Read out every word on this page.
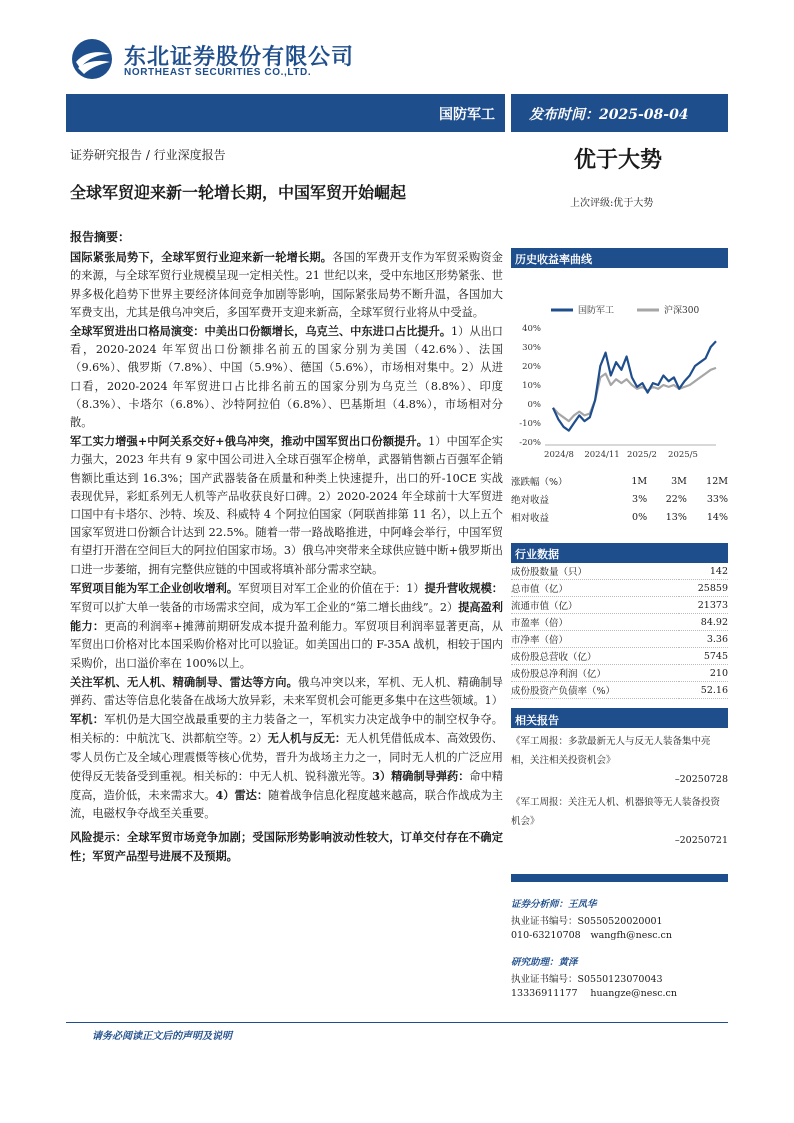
东北证券股份有限公司
NORTHEAST SECURITIES CO.,LTD.
国防军工 发布时间：2025-08-04
证券研究报告 / 行业深度报告	优于大势
全球军贸迎来新一轮增长期，中国军贸开始崛起
上次评级:优于大势
报告摘要：

国际紧张局势下，全球军贸行业迎来新一轮增长期。各国的军费开支作为军贸采购资金的来源，与全球军贸行业规模呈现一定相关性。21 世纪以来，受中东地区形势紧张、世界多极化趋势下世界主要经济体间竞争加剧等影响，国际紧张局势不断升温，各国加大军费支出，尤其是俄乌冲突后，多国军费开支迎来新高，全球军贸行业将从中受益。

全球军贸进出口格局演变：中美出口份额增长，乌克兰、中东进口占比提升。1）从出口看，2020-2024 年军贸出口份额排名前五的国家分别为美国（42.6%）、法国（9.6%）、俄罗斯（7.8%）、中国（5.9%）、德国（5.6%），市场相对集中。2）从进口看，2020-2024 年军贸进口占比排名前五的国家分别为乌克兰（8.8%）、印度（8.3%）、卡塔尔（6.8%）、沙特阿拉伯（6.8%）、巴基斯坦（4.8%），市场相对分散。

军工实力增强+中阿关系交好+俄乌冲突，推动中国军贸出口份额提升。1）中国军企实力强大，2023 年共有 9 家中国公司进入全球百强军企榜单，武器销售额占百强军企销售额比重达到 16.3%；国产武器装备在质量和种类上快速提升，出口的歼-10CE 实战表现优异，彩虹系列无人机等产品收获良好口碑。2）2020-2024 年全球前十大军贸进口国中有卡塔尔、沙特、埃及、科威特 4 个阿拉伯国家（阿联酋排第 11 名），以上五个国家军贸进口份额合计达到 22.5%。随着一带一路战略推进，中阿峰会举行，中国军贸有望打开潜在空间巨大的阿拉伯国家市场。3）俄乌冲突带来全球供应链中断+俄罗斯出口进一步萎缩，拥有完整供应链的中国或将填补部分需求空缺。

军贸项目能为军工企业创收增利。军贸项目对军工企业的价值在于：1）提升营收规模：军贸可以扩大单一装备的市场需求空间，成为军工企业的“第二增长曲线”。2）提高盈利能力：更高的利润率+摊薄前期研发成本提升盈利能力。军贸项目利润率显著更高，从军贸出口价格对比本国采购价格对比可以验证。如美国出口的 F-35A 战机，相较于国内采购价，出口溢价率在 100%以上。

关注军机、无人机、精确制导、雷达等方向。俄乌冲突以来，军机、无人机、精确制导弹药、雷达等信息化装备在战场大放异彩，未来军贸机会可能更多集中在这些领域。1）军机：军机仍是大国空战最重要的主力装备之一，军机实力决定战争中的制空权争夺。相关标的：中航沈飞、洪都航空等。2）无人机与反无：无人机凭借低成本、高效毁伤、零人员伤亡及全域心理震慑等核心优势，晋升为战场主力之一，同时无人机的广泛应用使得反无装备受到重视。相关标的：中无人机、锐科激光等。3）精确制导弹药：命中精度高，造价低，未来需求大。4）雷达：随着战争信息化程度越来越高，联合作战成为主流，电磁权争夺战至关重要。

风险提示：全球军贸市场竞争加剧；受国际形势影响波动性较大，订单交付存在不确定性；军贸产品型号进展不及预期。

历史收益率曲线
国防军工	沪深300
-20%
-10%
0%
10%
20%
30%
40%
2024/8 2024/11 2025/2 2025/5
涨跌幅（%）	1M	3M	12M
绝对收益	3%	22%	33%
相对收益	0%	13%	14%
行业数据
成份股数量（只）	142
总市值（亿）	25859
流通市值（亿）	21373
市盈率（倍）	84.92
市净率（倍）	3.36
成份股总营收（亿）	5745
成份股总净利润（亿）	210
成份股资产负债率（%）	52.16
相关报告
《军工周报：多款最新无人与反无人装备集中亮相，关注相关投资机会》
–20250728
《军工周报：关注无人机、机器狼等无人装备投资机会》
–20250721
证券分析师：王凤华
执业证书编号：S0550520020001
010-63210708 wangfh@nesc.cn
研究助理：黄泽
执业证书编号：S0550123070043
13336911177 huangze@nesc.cn
请务必阅读正文后的声明及说明
